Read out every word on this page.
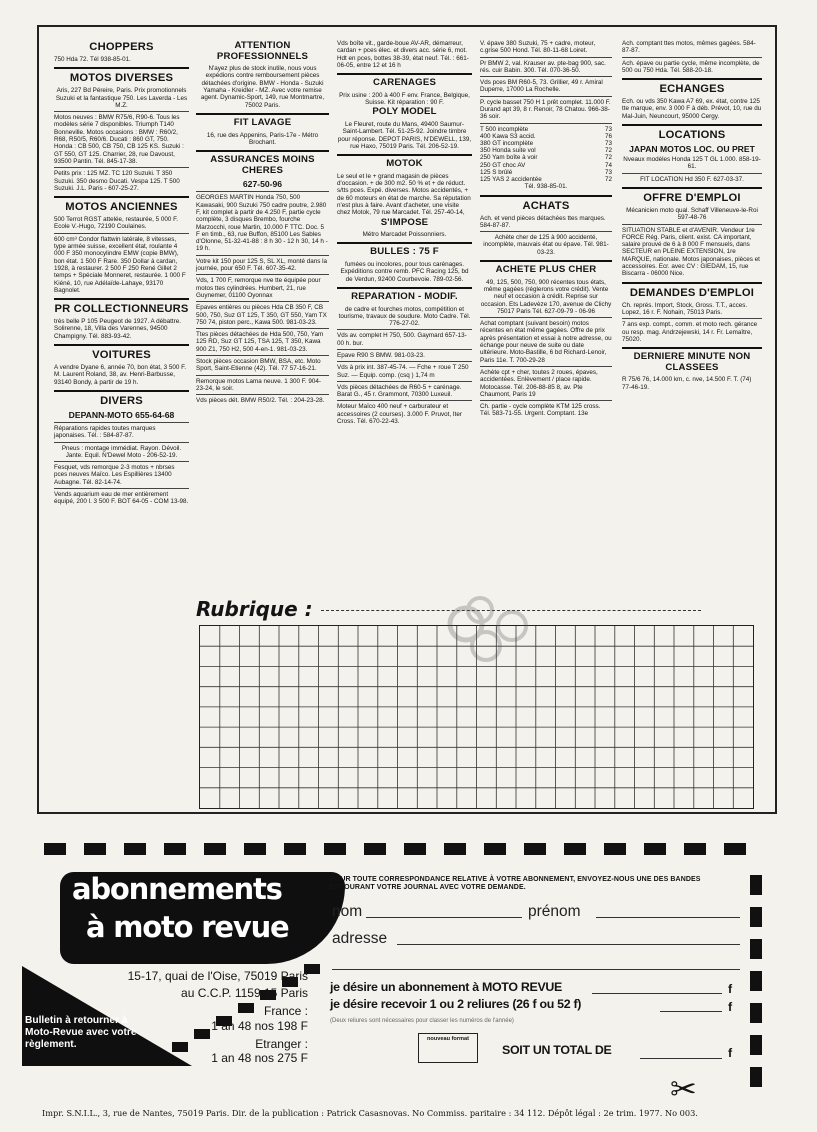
CHOPPERS

750 Hda 72. Tél 938-85-01.

MOTOS DIVERSES

Aris, 227 Bd Péreire, Paris. Prix promotionnels Suzuki et la fantastique 750. Les Laverda - Les M.Z.

Motos neuves : BMW R75/6, R90-6. Tous les modèles série 7 disponibles. Triumph T140 Bonneville. Motos occasions : BMW : R60/2, R68, R50/5, R60/6. Ducati : 860 GT, 750. Honda : CB 500, CB 750, CB 125 KS. Suzuki : GT 550, GT 125. Charrier, 28, rue Davoust, 93500 Pantin. Tél. 845-17-38.

Petits prix : 125 MZ. TC 120 Suzuki. T 350 Suzuki. 350 desmo Ducati. Vespa 125. T 500 Suzuki. J.L. Paris - 607-25-27.

MOTOS ANCIENNES

500 Terrot RGST attelée, restaurée, 5 000 F. Ecole V.-Hugo, 72190 Coulaines.

600 cm³ Condor flattwin latérale, 8 vitesses, type armée suisse, excellent état, roulante 4 000 F 350 monocylindre EMW (copie BMW), bon état. 1 500 F Rare. 350 Dollar à cardan, 1928, à restaurer. 2 500 F 250 René Gillet 2 temps + Spéciale Monneret, restaurée. 1 000 F Kiéné, 10, rue Adélaïde-Lahaye, 93170 Bagnolet.

PR COLLECTIONNEURS

très belle P 105 Peugeot de 1927. A débattre. Solirenne, 18, Villa des Varennes, 94500 Champigny. Tél. 883-93-42.

VOITURES

A vendre Dyane 6, année 70, bon état, 3 500 F. M. Laurent Roland, 38, av. Henri-Barbusse, 93140 Bondy, à partir de 19 h.

DIVERS
DEPANN-MOTO 655-64-68

Réparations rapides toutes marques japonaises. Tél. : 584-87-87.

Pneus : montage immédiat. Rayon. Dévoil. Jante. Equil. N'Dewel Moto - 206-52-19.

Fesquet, vds remorque 2-3 motos + nbrses pces neuves Maïco. Les Espillières 13400 Aubagne. Tél. 82-14-74.

Vends aquarium eau de mer entièrement équipé, 200 l. 3 500 F. BOT 64-05 - COM 13-98.

ATTENTION PROFESSIONNELS

N'ayez plus de stock inutile, nous vous expédions contre remboursement pièces détachées d'origine. BMW - Honda - Suzuki Yamaha - Kreidler - MZ. Avec votre remise agent. Dynamic-Sport, 149, rue Montmartre, 75002 Paris.

FIT LAVAGE

16, rue des Appenins, Paris-17e - Métro Brochant.

ASSURANCES MOINS CHERES
627-50-96

GEORGES MARTIN Honda 750, 500 Kawasaki, 900 Suzuki 750 cadre poutre, 2.980 F, kit complet à partir de 4.250 F, partie cycle complète, 3 disques Brembo, fourche Marzocchi, roue Martin, 10.000 F TTC. Doc. 5 F en timb., 63, rue Buffon, 85100 Les Sables d'Olonne, 51-32-41-88 : 8 h 30 - 12 h 30, 14 h - 19 h.

Votre kit 150 pour 125 S, SL XL, monté dans la journée, pour 650 F. Tél. 607-35-42.

Vds, 1 700 F, remorque nve tte équipée pour motos ttes cylindrées. Humbert, 21, rue Guynemer, 01100 Oyonnax

Epaves entières ou pièces Hda CB 350 F, CB 500, 750, Suz GT 125, T 350, GT 550, Yam TX 750 74, piston perc., Kawa 500. 981-03-23.

Ttes pièces détachées de Hda 500, 750, Yam 125 RD, Suz GT 125, TSA 125, T 350, Kawa 900 Z1, 750 H2, 500 4-en-1. 981-03-23.

Stock pièces occasion BMW, BSA, etc. Moto Sport, Saint-Etienne (42). Tél. 77 57-16-21.

Remorque motos Lama neuve. 1 300 F. 904-23-24, le soir.

Vds pièces dét. BMW R50/2. Tél. : 204-23-28.

Vds boîte vit., garde-boue AV-AR, démarreur, cardan + pces élec. et divers acc. série 6, mot. Hdt en pces, bottes 38-39, état neuf. Tél. : 661-06-05, entre 12 et 16 h

CARENAGES

Prix usine : 200 à 400 F env. France, Belgique, Suisse. Kit réparation : 90 F.

POLY MODEL

Le Fleuret, route du Mans, 49400 Saumur-Saint-Lambert. Tél. 51-25-92. Joindre timbre pour réponse. DEPOT PARIS, N'DEWELL, 139, rue Haxo, 75019 Paris. Tél. 206-52-19.

MOTOK

Le seul et le + grand magasin de pièces d'occasion. + de 300 m2. 50 % et + de réduct. s/tts pces. Expé. diverses. Motos accidentés, + de 60 moteurs en état de marche. Sa réputation n'est plus à faire. Avant d'acheter, une visite chez Motok, 79 rue Marcadet. Tél. 257-40-14,

S'IMPOSE

Métro Marcadet Poissonniers.

BULLES : 75 F

fumées ou incolores, pour tous carénages. Expéditions contre remb. PFC Racing 125, bd de Verdun, 92400 Courbevoie. 789-02-56.

REPARATION - MODIF.

de cadre et fourches motos, compétition et tourisme, travaux de soudure. Moto Cadre. Tél. 776-27-02.

Vds av. complet H 750, 500. Gaymard 657-13-00 h. bur.

Epave R90 S BMW. 981-03-23.

Vds à prix int. 387-45-74. — Fche + roue T 250 Suz. — Equip. comp. (csq ) 1,74 m

Vds pièces détachées de R60-5 + carénage. Barat G., 45 r. Grammont, 70300 Luxeuil.

Moteur Maïco 400 neuf + carburateur et accessoires (2 courses). 3.000 F. Pruvot, Iter Cross. Tél. 670-22-43.

V. épave 380 Suzuki, 75 + cadre, moteur, c.grise 500 Hond. Tél. 80-11-68 Loiret.

Pr BMW 2, val. Krauser av. pte-bag 900, sac. rés. cuir Babin. 300. Tél. 070-36-50.

Vds pces BM R60-5, 73. Grillier, 49 r. Amiral Duperre, 17000 La Rochelle.

P. cycle basset 750 H 1 prêt complet. 11.000 F. Durand apt 39, 8 r. Renoir, 78 Chatou. 966-38-36 soir.

T 500 incomplète	73
400 Kawa S3 accid.	76
380 GT incomplète	73
350 Honda suite vol	72
250 Yam boîte à voir	72
250 GT choc AV	74
125 S brûlé	73
125 YAS 2 accidentée	72

Tél. 938-85-01.

ACHATS

Ach. et vend pièces détachées ttes marques. 584-87-87.

Achète cher de 125 à 900 accidenté, incomplète, mauvais état ou épave. Tél. 981-03-23.

ACHETE PLUS CHER

49, 125, 500, 750, 900 récentes tous états, même gagées (réglerons votre crédit). Vente neuf et occasion à crédit. Reprise sur occasion. Ets Ladevèze 170, avenue de Clichy 75017 Paris Tél. 627-09-79 - 06-96

Achat comptant (suivant besoin) motos récentes en état même gagées. Offre de prix après présentation et essai à notre adresse, ou échange pour neuve de suite ou date ultérieure. Moto-Bastille, 6 bd Richard-Lenoir, Paris 11e. T. 700-29-28

Achète cpt + cher, toutes 2 roues, épaves, accidentées. Enlèvement / place rapide. Motocasse. Tél. 206-88-85 8, av. Pte Chaumont, Paris 19

Ch. partie - cycle complète KTM 125 cross. Tél. 583-71-55. Urgent. Comptant. 13e

Ach. comptant ttes motos, mêmes gagées. 584-87-87.

Ach. épave ou partie cycle, même incomplète, de 500 ou 750 Hda. Tél. 588-20-18.

ECHANGES

Ech. ou vds 350 Kawa A7 69, ex. état, contre 125 tte marque, env. 3 000 F à déb. Prévot, 10, rue du Mal-Juin, Neuncourt, 95000 Cergy.

LOCATIONS
JAPAN MOTOS LOC. OU PRET

Nveaux modèles Honda 125 T GL 1.000. 858-19-61.

FIT LOCATION Hd 350 F. 627-03-37.

OFFRE D'EMPLOI

Mécanicien moto qual. Schaff Villeneuve-le-Roi 597-48-76

SITUATION STABLE et d'AVENIR. Vendeur 1re FORCE Rég. Paris, client. exist. CA important, salaire prouvé de 6 à 8 000 F mensuels, dans SECTEUR en PLEINE EXTENSION, 1re MARQUE, nationale. Motos japonaises, pièces et accessoires. Ecr. avec CV : GIEDAM, 15, rue Biscarra - 06000 Nice.

DEMANDES D'EMPLOI

Ch. représ. Import, Stock, Gross. T.T., acces. Lopez, 16 r. F. Nohain, 75013 Paris.

7 ans exp. compt., comm. et moto rech. gérance ou resp. mag. Andrzejewski, 14 r. Fr. Lemaître, 75020.

DERNIERE MINUTE NON CLASSEES

R 75/6 76, 14.000 km, c. nve, 14.500 F. T. (74) 77-46-19.

Rubrique :
abonnements
à moto revue
15-17, quai de l'Oise, 75019 Paris
au C.C.P. 1159 15 Paris
France :
1 an 48 nos 198 F
Etranger :
1 an 48 nos 275 F
Bulletin à retourner à Moto-Revue avec votre règlement.
POUR TOUTE CORRESPONDANCE RELATIVE À VOTRE ABONNEMENT, ENVOYEZ-NOUS UNE DES BANDES ENTOURANT VOTRE JOURNAL AVEC VOTRE DEMANDE.
nom	prénom
adresse
je désire un abonnement à MOTO REVUE	f
je désire recevoir 1 ou 2 reliures (26 f ou 52 f)	f
(Deux reliures sont nécessaires pour classer les numéros de l'année)
nouveau format
SOIT UN TOTAL DE	f
✂
Impr. S.N.I.L., 3, rue de Nantes, 75019 Paris. Dir. de la publication : Patrick Casasnovas. No Commiss. paritaire : 34 112. Dépôt légal : 2e trim. 1977. No 003.
